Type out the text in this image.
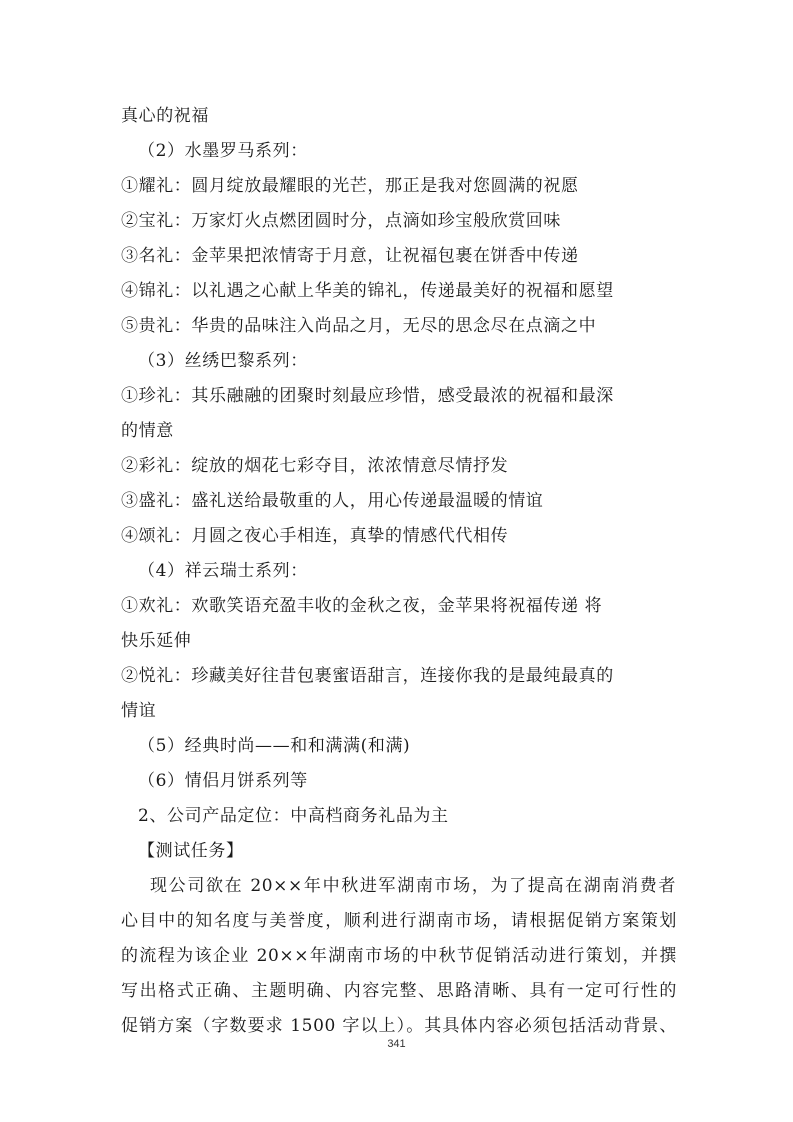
真心的祝福
（2）水墨罗马系列：
①耀礼：圆月绽放最耀眼的光芒，那正是我对您圆满的祝愿
②宝礼：万家灯火点燃团圆时分，点滴如珍宝般欣赏回味
③名礼：金苹果把浓情寄于月意，让祝福包裹在饼香中传递
④锦礼：以礼遇之心献上华美的锦礼，传递最美好的祝福和愿望
⑤贵礼：华贵的品味注入尚品之月，无尽的思念尽在点滴之中
（3）丝绣巴黎系列：
①珍礼：其乐融融的团聚时刻最应珍惜，感受最浓的祝福和最深
的情意
②彩礼：绽放的烟花七彩夺目，浓浓情意尽情抒发
③盛礼：盛礼送给最敬重的人，用心传递最温暖的情谊
④颂礼：月圆之夜心手相连，真挚的情感代代相传
（4）祥云瑞士系列：
①欢礼：欢歌笑语充盈丰收的金秋之夜，金苹果将祝福传递 将
快乐延伸
②悦礼：珍藏美好往昔包裹蜜语甜言，连接你我的是最纯最真的
情谊
（5）经典时尚——和和满满(和满)
（6）情侣月饼系列等
2、公司产品定位：中高档商务礼品为主
【测试任务】
现公司欲在 20××年中秋进军湖南市场，为了提高在湖南消费者
心目中的知名度与美誉度，顺利进行湖南市场，请根据促销方案策划
的流程为该企业 20××年湖南市场的中秋节促销活动进行策划，并撰
写出格式正确、主题明确、内容完整、思路清晰、具有一定可行性的
促销方案（字数要求 1500 字以上）。其具体内容必须包括活动背景、
341
